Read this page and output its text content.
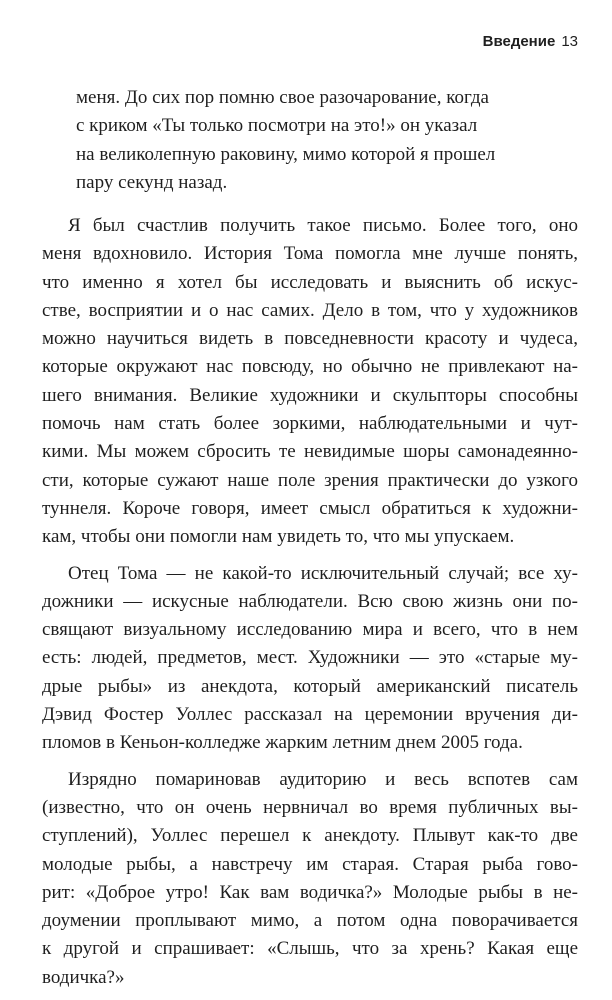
Введение 13
меня. До сих пор помню свое разочарование, когда
с криком «Ты только посмотри на это!» он указал
на великолепную раковину, мимо которой я прошел
пару секунд назад.
Я был счастлив получить такое письмо. Более того, оно
меня вдохновило. История Тома помогла мне лучше понять,
что именно я хотел бы исследовать и выяснить об искус-
стве, восприятии и о нас самих. Дело в том, что у художников
можно научиться видеть в повседневности красоту и чудеса,
которые окружают нас повсюду, но обычно не привлекают на-
шего внимания. Великие художники и скульпторы способны
помочь нам стать более зоркими, наблюдательными и чут-
кими. Мы можем сбросить те невидимые шоры самонадеянно-
сти, которые сужают наше поле зрения практически до узкого
туннеля. Короче говоря, имеет смысл обратиться к художни-
кам, чтобы они помогли нам увидеть то, что мы упускаем.
Отец Тома — не какой-то исключительный случай; все ху-
дожники — искусные наблюдатели. Всю свою жизнь они по-
свящают визуальному исследованию мира и всего, что в нем
есть: людей, предметов, мест. Художники — это «старые му-
дрые рыбы» из анекдота, который американский писатель
Дэвид Фостер Уоллес рассказал на церемонии вручения ди-
пломов в Кеньон-колледже жарким летним днем 2005 года.
Изрядно помариновав аудиторию и весь вспотев сам
(известно, что он очень нервничал во время публичных вы-
ступлений), Уоллес перешел к анекдоту. Плывут как-то две
молодые рыбы, а навстречу им старая. Старая рыба гово-
рит: «Доброе утро! Как вам водичка?» Молодые рыбы в не-
доумении проплывают мимо, а потом одна поворачивается
к другой и спрашивает: «Слышь, что за хрень? Какая еще
водичка?»
